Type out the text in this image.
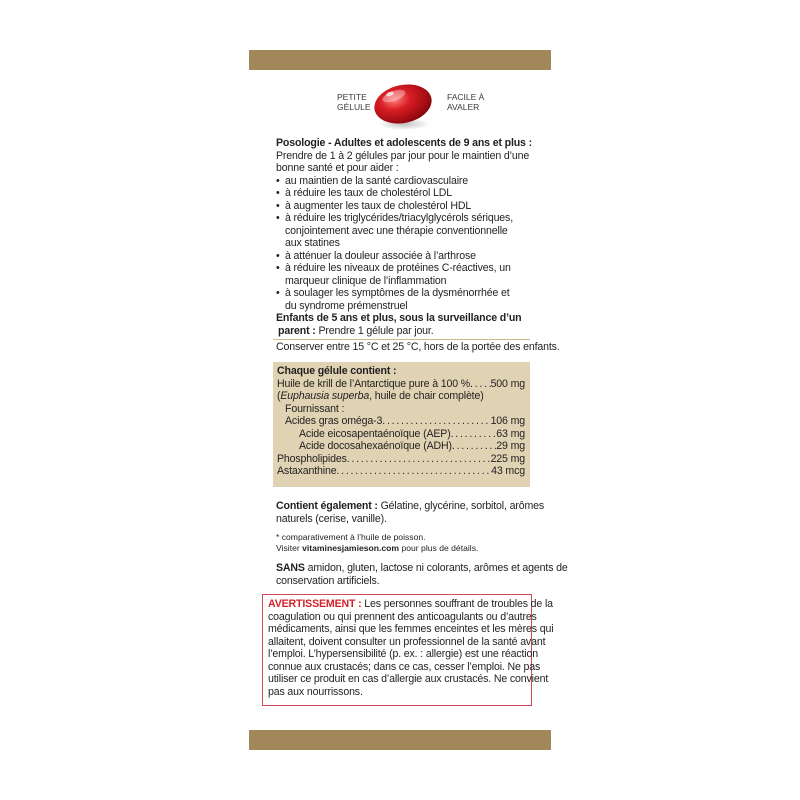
PETITE
GÉLULE
FACILE À
AVALER
Posologie - Adultes et adolescents de 9 ans et plus :
Prendre de 1 à 2 gélules par jour pour le maintien d’une
bonne santé et pour aider :
• au maintien de la santé cardiovasculaire
• à réduire les taux de cholestérol LDL
• à augmenter les taux de cholestérol HDL
• à réduire les triglycérides/triacylglycérols sériques,
conjointement avec une thérapie conventionnelle
aux statines
• à atténuer la douleur associée à l’arthrose
• à réduire les niveaux de protéines C-réactives, un
marqueur clinique de l’inflammation
• à soulager les symptômes de la dysménorrhée et
du syndrome prémenstruel
Enfants de 5 ans et plus, sous la surveillance d’un
parent : Prendre 1 gélule par jour.
Conserver entre 15 °C et 25 °C, hors de la portée des enfants.
Chaque gélule contient :
Huile de krill de l’Antarctique pure à 100 % . . . 500 mg
(Euphausia superba, huile de chair complète)
Fournissant :
Acides gras oméga-3 . . .	106 mg
Acide eicosapentaénoïque (AEP) . . .	63 mg
Acide docosahexaénoïque (ADH) . . .	29 mg
Phospholipides . . .	225 mg
Astaxanthine . . .	43 mcg
Contient également : Gélatine, glycérine, sorbitol, arômes
naturels (cerise, vanille).
* comparativement à l’huile de poisson.
Visiter vitaminesjamieson.com pour plus de détails.
SANS amidon, gluten, lactose ni colorants, arômes et agents de
conservation artificiels.
AVERTISSEMENT : Les personnes souffrant de troubles de la
coagulation ou qui prennent des anticoagulants ou d’autres
médicaments, ainsi que les femmes enceintes et les mères qui
allaitent, doivent consulter un professionnel de la santé avant
l’emploi. L’hypersensibilité (p. ex. : allergie) est une réaction
connue aux crustacés; dans ce cas, cesser l’emploi. Ne pas
utiliser ce produit en cas d’allergie aux crustacés. Ne convient
pas aux nourrissons.
